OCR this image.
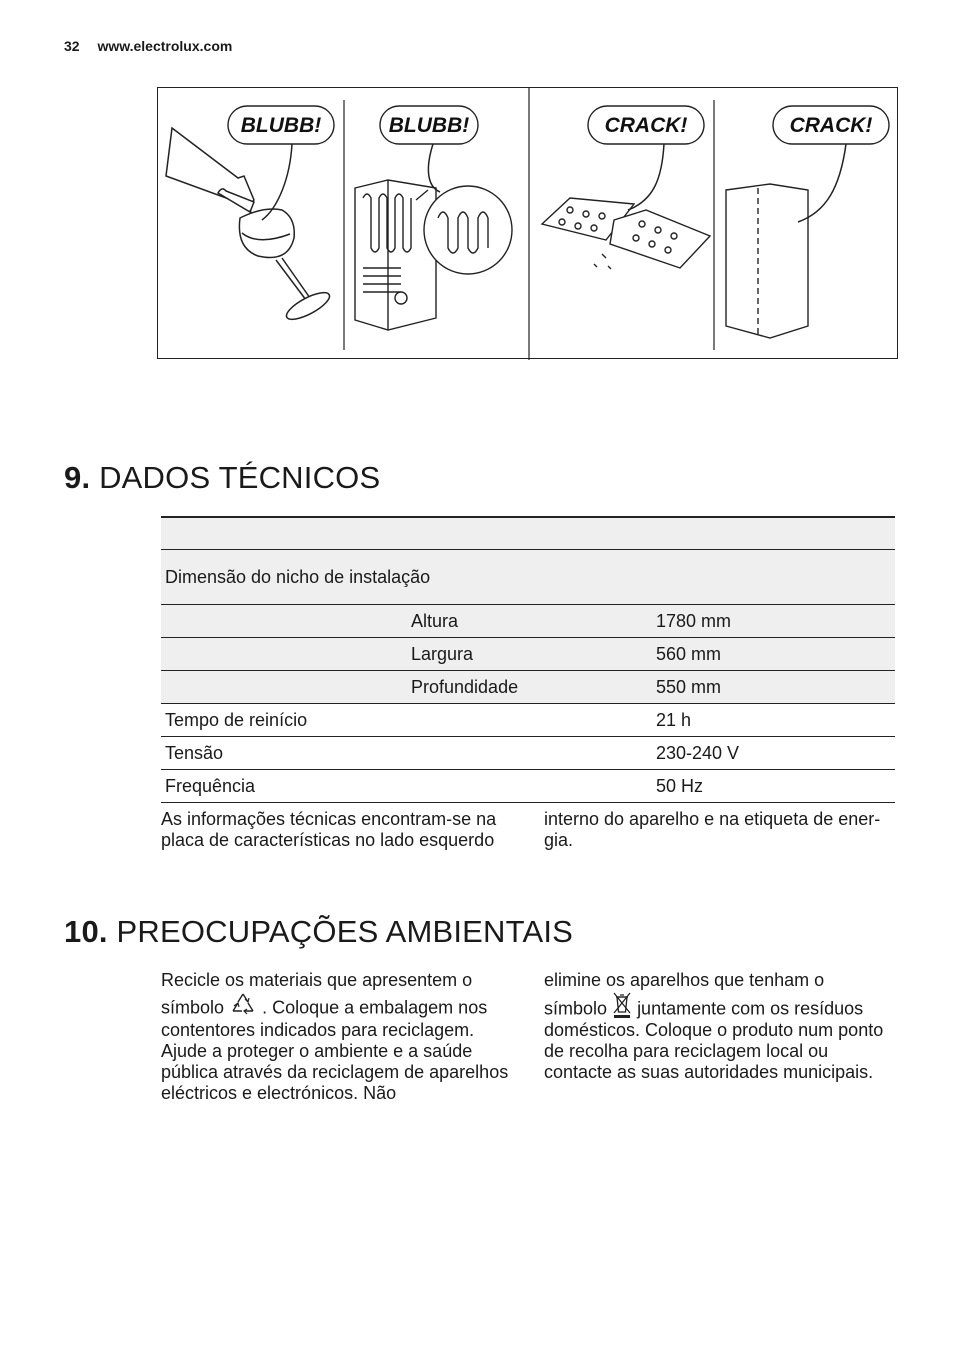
32 www.electrolux.com
BLUBB!	BLUBB!	CRACK!	CRACK!
9. DADOS TÉCNICOS

Dimensão do nicho de instalação		
	Altura	1780 mm
	Largura	560 mm
	Profundidade	550 mm
Tempo de reinício		21 h
Tensão		230-240 V
Frequência		50 Hz
As informações técnicas encontram-se na placa de características no lado esquerdo
interno do aparelho e na etiqueta de ener-gia.
10. PREOCUPAÇÕES AMBIENTAIS
Recicle os materiais que apresentem o
símbolo . Coloque a embalagem nos
contentores indicados para reciclagem. Ajude a proteger o ambiente e a saúde pública através da reciclagem de aparelhos eléctricos e electrónicos. Não
elimine os aparelhos que tenham o
símbolo juntamente com os resíduos
domésticos. Coloque o produto num ponto de recolha para reciclagem local ou contacte as suas autoridades municipais.
